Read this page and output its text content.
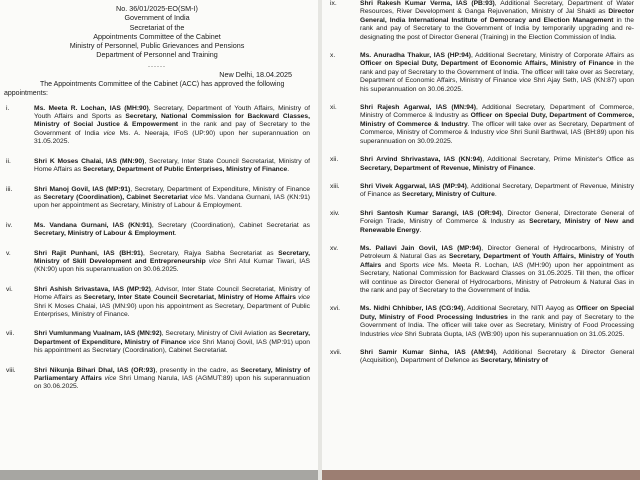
No. 36/01/2025-EO(SM-I)
Government of India
Secretariat of the
Appointments Committee of the Cabinet
Ministry of Personnel, Public Grievances and Pensions
Department of Personnel and Training
......
New Delhi, 18.04.2025
The Appointments Committee of the Cabinet (ACC) has approved the following appointments:
i.	Ms. Meeta R. Lochan, IAS (MH:90), Secretary, Department of Youth Affairs, Ministry of Youth Affairs and Sports as Secretary, National Commission for Backward Classes, Ministry of Social Justice & Empowerment in the rank and pay of Secretary to the Government of India vice Ms. A. Neeraja, IFoS (UP:90) upon her superannuation on 31.05.2025.
ii.	Shri K Moses Chalai, IAS (MN:90), Secretary, Inter State Council Secretariat, Ministry of Home Affairs as Secretary, Department of Public Enterprises, Ministry of Finance.
iii.	Shri Manoj Govil, IAS (MP:91), Secretary, Department of Expenditure, Ministry of Finance as Secretary (Coordination), Cabinet Secretariat vice Ms. Vandana Gurnani, IAS (KN:91) upon her appointment as Secretary, Ministry of Labour & Employment.
iv.	Ms. Vandana Gurnani, IAS (KN:91), Secretary (Coordination), Cabinet Secretariat as Secretary, Ministry of Labour & Employment.
v.	Shri Rajit Punhani, IAS (BH:91), Secretary, Rajya Sabha Secretariat as Secretary, Ministry of Skill Development and Entrepreneurship vice Shri Atul Kumar Tiwari, IAS (KN:90) upon his superannuation on 30.06.2025.
vi.	Shri Ashish Srivastava, IAS (MP:92), Advisor, Inter State Council Secretariat, Ministry of Home Affairs as Secretary, Inter State Council Secretariat, Ministry of Home Affairs vice Shri K Moses Chalai, IAS (MN:90) upon his appointment as Secretary, Department of Public Enterprises, Ministry of Finance.
vii.	Shri Vumlunmang Vualnam, IAS (MN:92), Secretary, Ministry of Civil Aviation as Secretary, Department of Expenditure, Ministry of Finance vice Shri Manoj Govil, IAS (MP:91) upon his appointment as Secretary (Coordination), Cabinet Secretariat.
viii.	Shri Nikunja Bihari Dhal, IAS (OR:93), presently in the cadre, as Secretary, Ministry of Parliamentary Affairs vice Shri Umang Narula, IAS (AGMUT:89) upon his superannuation on 30.06.2025.
ix.	Shri Rakesh Kumar Verma, IAS (PB:93), Additional Secretary, Department of Water Resources, River Development & Ganga Rejuvenation, Ministry of Jal Shakti as Director General, India International Institute of Democracy and Election Management in the rank and pay of Secretary to the Government of India by temporarily upgrading and re-designating the post of Director General (Training) in the Election Commission of India.
x.	Ms. Anuradha Thakur, IAS (HP:94), Additional Secretary, Ministry of Corporate Affairs as Officer on Special Duty, Department of Economic Affairs, Ministry of Finance in the rank and pay of Secretary to the Government of India. The officer will take over as Secretary, Department of Economic Affairs, Ministry of Finance vice Shri Ajay Seth, IAS (KN:87) upon his superannuation on 30.06.2025.
xi.	Shri Rajesh Agarwal, IAS (MN:94), Additional Secretary, Department of Commerce, Ministry of Commerce & Industry as Officer on Special Duty, Department of Commerce, Ministry of Commerce & Industry. The officer will take over as Secretary, Department of Commerce, Ministry of Commerce & Industry vice Shri Sunil Barthwal, IAS (BH:89) upon his superannuation on 30.09.2025.
xii.	Shri Arvind Shrivastava, IAS (KN:94), Additional Secretary, Prime Minister's Office as Secretary, Department of Revenue, Ministry of Finance.
xiii.	Shri Vivek Aggarwal, IAS (MP:94), Additional Secretary, Department of Revenue, Ministry of Finance as Secretary, Ministry of Culture.
xiv.	Shri Santosh Kumar Sarangi, IAS (OR:94), Director General, Directorate General of Foreign Trade, Ministry of Commerce & Industry as Secretary, Ministry of New and Renewable Energy.
xv.	Ms. Pallavi Jain Govil, IAS (MP:94), Director General of Hydrocarbons, Ministry of Petroleum & Natural Gas as Secretary, Department of Youth Affairs, Ministry of Youth Affairs and Sports vice Ms. Meeta R. Lochan, IAS (MH:90) upon her appointment as Secretary, National Commission for Backward Classes on 31.05.2025. Till then, the officer will continue as Director General of Hydrocarbons, Ministry of Petroleum & Natural Gas in the rank and pay of Secretary to the Government of India.
xvi.	Ms. Nidhi Chhibber, IAS (CG:94), Additional Secretary, NITI Aayog as Officer on Special Duty, Ministry of Food Processing Industries in the rank and pay of Secretary to the Government of India. The officer will take over as Secretary, Ministry of Food Processing Industries vice Shri Subrata Gupta, IAS (WB:90) upon his superannuation on 31.05.2025.
xvii.	Shri Samir Kumar Sinha, IAS (AM:94), Additional Secretary & Director General (Acquisition), Department of Defence as Secretary, Ministry of
